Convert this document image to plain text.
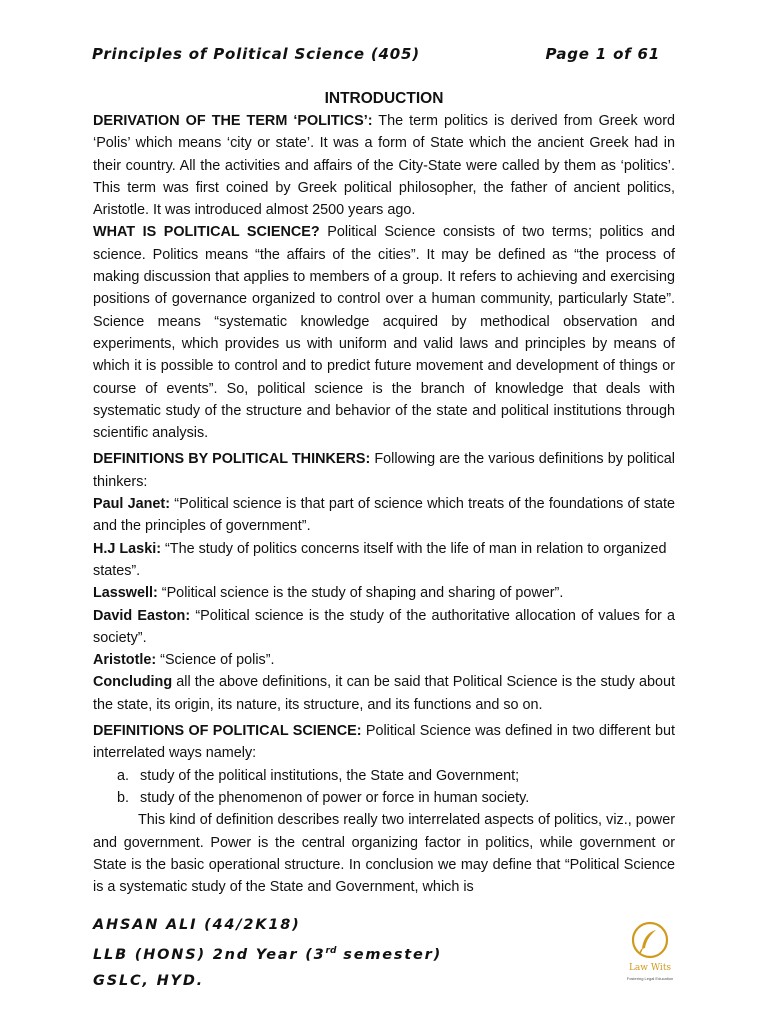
Principles of Political Science (405)	Page 1 of 61
INTRODUCTION

DERIVATION OF THE TERM ‘POLITICS’: The term politics is derived from Greek word ‘Polis’ which means ‘city or state’. It was a form of State which the ancient Greek had in their country. All the activities and affairs of the City-State were called by them as ‘politics’. This term was first coined by Greek political philosopher, the father of ancient politics, Aristotle. It was introduced almost 2500 years ago.

WHAT IS POLITICAL SCIENCE? Political Science consists of two terms; politics and science. Politics means “the affairs of the cities”. It may be defined as “the process of making discussion that applies to members of a group. It refers to achieving and exercising positions of governance organized to control over a human community, particularly State”. Science means “systematic knowledge acquired by methodical observation and experiments, which provides us with uniform and valid laws and principles by means of which it is possible to control and to predict future movement and development of things or course of events”. So, political science is the branch of knowledge that deals with systematic study of the structure and behavior of the state and political institutions through scientific analysis.

DEFINITIONS BY POLITICAL THINKERS: Following are the various definitions by political thinkers:

Paul Janet: “Political science is that part of science which treats of the foundations of state and the principles of government”.

H.J Laski: “The study of politics concerns itself with the life of man in relation to organized states”.

Lasswell: “Political science is the study of shaping and sharing of power”.

David Easton: “Political science is the study of the authoritative allocation of values for a society”.

Aristotle: “Science of polis”.

Concluding all the above definitions, it can be said that Political Science is the study about the state, its origin, its nature, its structure, and its functions and so on.

DEFINITIONS OF POLITICAL SCIENCE: Political Science was defined in two different but interrelated ways namely:

a. study of the political institutions, the State and Government;
b. study of the phenomenon of power or force in human society.

This kind of definition describes really two interrelated aspects of politics, viz., power and government. Power is the central organizing factor in politics, while government or State is the basic operational structure. In conclusion we may define that “Political Science is a systematic study of the State and Government, which is

AHSAN ALI (44/2K18)
LLB (HONS) 2nd Year (3rd semester)
GSLC, HYD.
Law Wits
Fostering Legal Education
